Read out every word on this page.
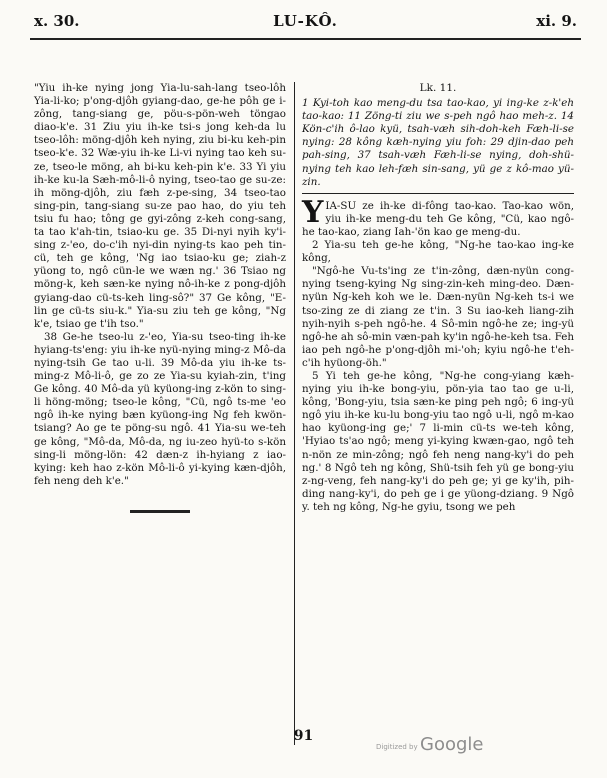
LU-KÔ.
x. 30.	xi. 9.

"Yiu ih-ke nying jong Yia-lu-sah-lang tseo-lôh Yia-li-ko; p'ong-djôh gyiang-dao, ge-he pôh ge i-zông, tang-siang ge, pöu-s-pön-weh töngao diao-k'e. 31 Ziu yiu ih-ke tsi-s jong keh-da lu tseo-lôh: möng-djôh keh nying, ziu bi-ku keh-pin tseo-k'e. 32 Wæ-yiu ih-ke Li-vi nying tao keh su-ze, tseo-le möng, ah bi-ku keh-pin k'e. 33 Yi yiu ih-ke ku-la Sæh-mô-li-ô nying, tseo-tao ge su-ze: ih möng-djôh, ziu fæh z-pe-sing, 34 tseo-tao sing-pin, tang-siang su-ze pao hao, do yiu teh tsiu fu hao; tông ge gyi-zông z-keh cong-sang, ta tao k'ah-tin, tsiao-ku ge. 35 Di-nyi nyih ky'i-sing z-'eo, do-c'ih nyi-din nying-ts kao peh tin-cü, teh ge kông, 'Ng iao tsiao-ku ge; ziah-z yüong to, ngô cün-le we wæn ng.' 36 Tsiao ng möng-k, keh sæn-ke nying nô-ih-ke z pong-djôh gyiang-dao cü-ts-keh ling-sô?" 37 Ge kông, "E-lin ge cü-ts siu-k." Yia-su ziu teh ge kông, "Ng k'e, tsiao ge t'ih tso."

38 Ge-he tseo-lu z-'eo, Yia-su tseo-ting ih-ke hyiang-ts'eng: yiu ih-ke nyü-nying ming-z Mô-da nying-tsih Ge tao u-li. 39 Mô-da yiu ih-ke ts-ming-z Mô-li-ô, ge zo ze Yia-su kyiah-zin, t'ing Ge kông. 40 Mô-da yü kyüong-ing z-kön to sing-li höng-möng; tseo-le kông, "Cü, ngô ts-me 'eo ngô ih-ke nying bæn kyüong-ing Ng feh kwön-tsiang? Ao ge te pöng-su ngô. 41 Yia-su we-teh ge kông, "Mô-da, Mô-da, ng iu-zeo hyü-to s-kön sing-li möng-lön: 42 dæn-z ih-hyiang z iao-kying: keh hao z-kön Mô-li-ô yi-kying kæn-djôh, feh neng deh k'e."

Lk. 11.

1 Kyi-toh kao meng-du tsa tao-kao, yi ing-ke z-k'eh tao-kao: 11 Zöng-ti ziu we s-peh ngô hao meh-z. 14 Kön-c'ih ô-lao kyü, tsah-væh sih-doh-keh Fæh-li-se nying: 28 kông kæh-nying yiu foh: 29 djin-dao peh pah-sing, 37 tsah-væh Fæh-li-se nying, doh-shü-nying teh kao leh-fæh sin-sang, yü ge z kô-mao yü-zin.

YIA-SU ze ih-ke di-fông tao-kao. Tao-kao wön, yiu ih-ke meng-du teh Ge kông, "Cü, kao ngô-he tao-kao, ziang Iah-'ön kao ge meng-du.

2 Yia-su teh ge-he kông, "Ng-he tao-kao ing-ke kông,

"Ngô-he Vu-ts'ing ze t'in-zông, dæn-nyün cong-nying tseng-kying Ng sing-zin-keh ming-deo. Dæn-nyün Ng-keh koh we le. Dæn-nyün Ng-keh ts-i we tso-zing ze di ziang ze t'in. 3 Su iao-keh liang-zih nyih-nyih s-peh ngô-he. 4 Sô-min ngô-he ze; ing-yü ngô-he ah sô-min væn-pah ky'in ngô-he-keh tsa. Feh iao peh ngô-he p'ong-djôh mi-'oh; kyiu ngô-he t'eh-c'ih hyüong-öh."

5 Yi teh ge-he kông, "Ng-he cong-yiang kæh-nying yiu ih-ke bong-yiu, pön-yia tao tao ge u-li, kông, 'Bong-yiu, tsia sæn-ke ping peh ngô; 6 ing-yü ngô yiu ih-ke ku-lu bong-yiu tao ngô u-li, ngô m-kao hao kyüong-ing ge;' 7 li-min cü-ts we-teh kông, 'Hyiao ts'ao ngô; meng yi-kying kwæn-gao, ngô teh n-nön ze min-zông; ngô feh neng nang-ky'i do peh ng.' 8 Ngô teh ng kông, Shü-tsih feh yü ge bong-yiu z-ng-veng, feh nang-ky'i do peh ge; yi ge ky'ih, pih-ding nang-ky'i, do peh ge i ge yüong-dziang. 9 Ngô y. teh ng kông, Ng-he gyiu, tsong we peh

91
Digitized by Google
